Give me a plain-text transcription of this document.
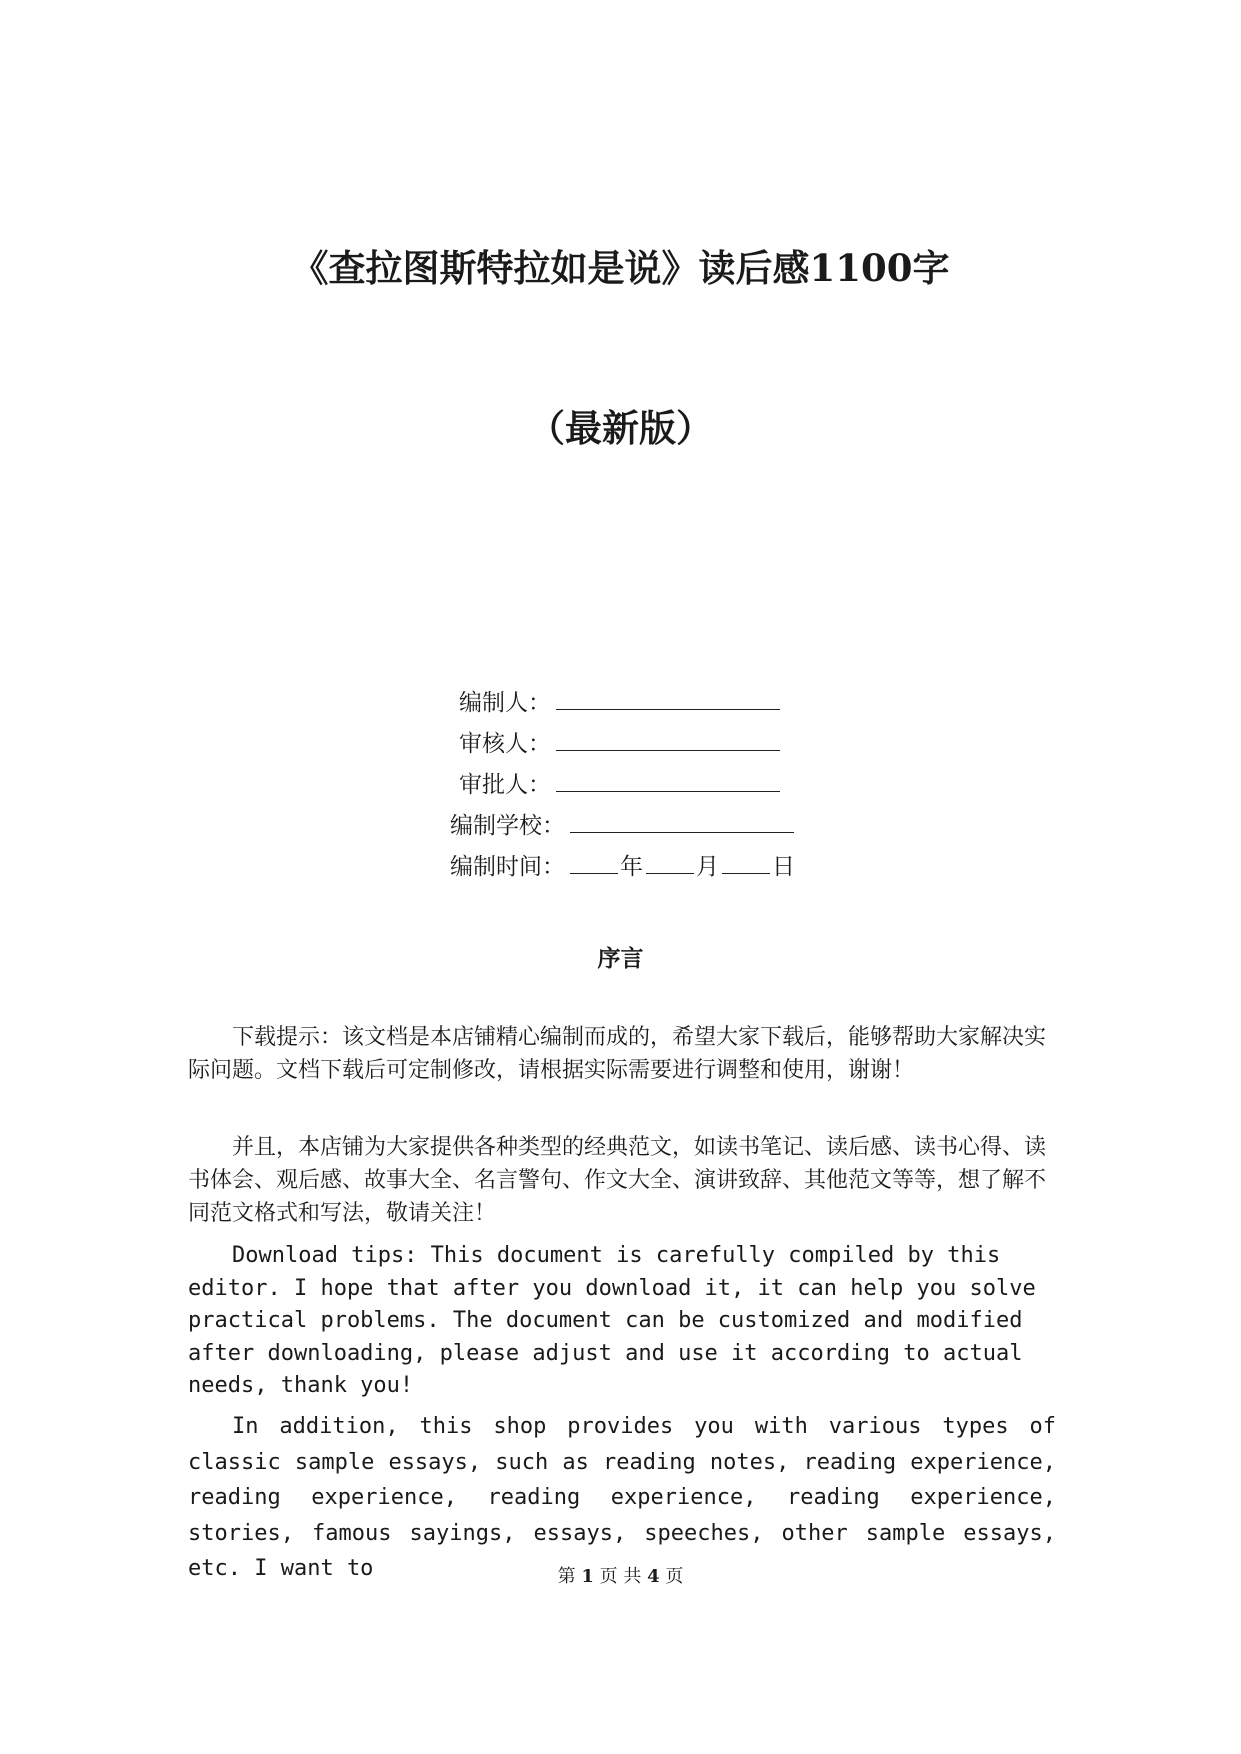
《查拉图斯特拉如是说》读后感1100字
（最新版）
编制人：
审核人：
审批人：
编制学校：
编制时间： 年 月 日
序言

下载提示：该文档是本店铺精心编制而成的，希望大家下载后，能够帮助大家解决实际问题。文档下载后可定制修改，请根据实际需要进行调整和使用，谢谢！

并且，本店铺为大家提供各种类型的经典范文，如读书笔记、读后感、读书心得、读书体会、观后感、故事大全、名言警句、作文大全、演讲致辞、其他范文等等，想了解不同范文格式和写法，敬请关注！

Download tips: This document is carefully compiled by this editor. I hope that after you download it, it can help you solve practical problems. The document can be customized and modified after downloading, please adjust and use it according to actual needs, thank you!

In addition, this shop provides you with various types of classic sample essays, such as reading notes, reading experience, reading experience, reading experience, reading experience, stories, famous sayings, essays, speeches, other sample essays, etc. I want to	第 1 页 共 4 页
